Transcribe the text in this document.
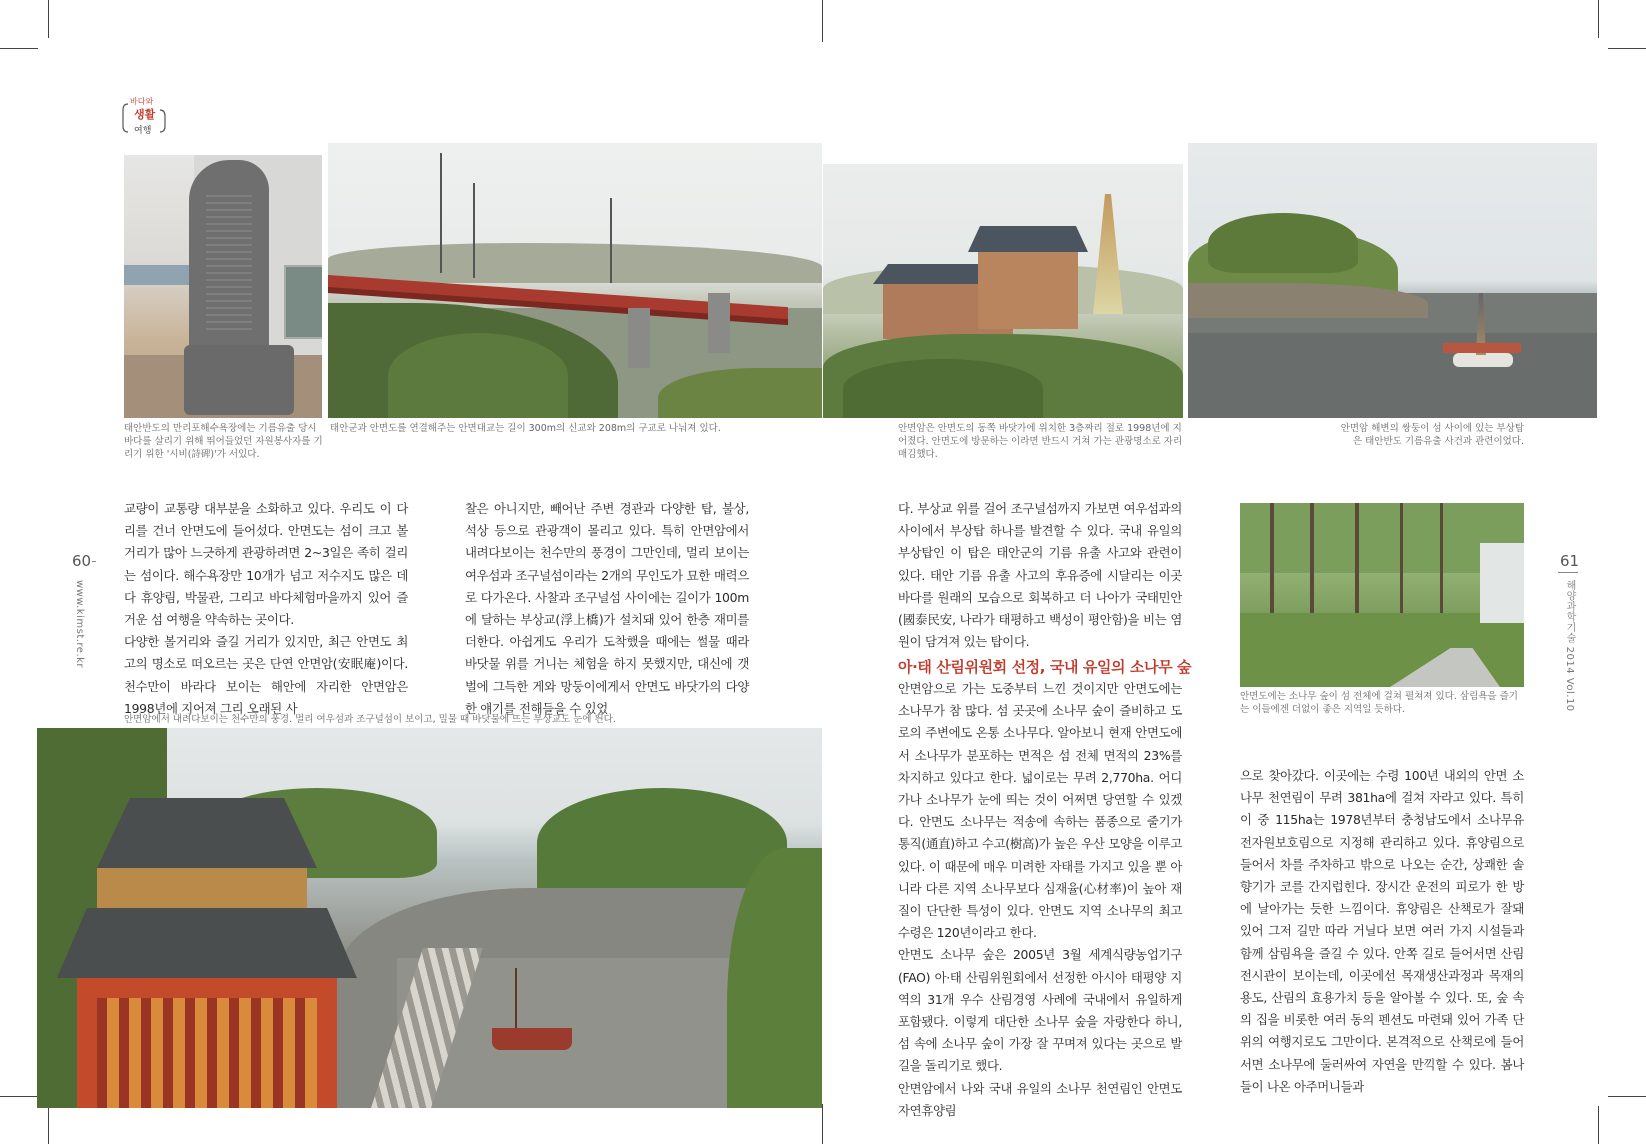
바다와
생활
여행
태안반도의 만리포해수욕장에는 기름유출 당시 바다를 살리기 위해 뛰어들었던 자원봉사자를 기리기 위한 '시비(詩碑)'가 서있다.
태안군과 안면도를 연결해주는 안면대교는 길이 300m의 신교와 208m의 구교로 나눠져 있다.	안면암은 안면도의 동쪽 바닷가에 위치한 3층짜리 절로 1998년에 지어졌다. 안면도에 방문하는 이라면 반드시 거쳐 가는 관광명소로 자리매김했다.
안면암 해변의 쌍둥이 섬 사이에 있는 부상탑은 태안반도 기름유출 사건과 관련이었다.
60
www.kimst.re.kr

교량이 교통량 대부분을 소화하고 있다. 우리도 이 다리를 건너 안면도에 들어섰다. 안면도는 섬이 크고 볼거리가 많아 느긋하게 관광하려면 2~3일은 족히 걸리는 섬이다. 해수욕장만 10개가 넘고 저수지도 많은 데다 휴양림, 박물관, 그리고 바다체험마을까지 있어 즐거운 섬 여행을 약속하는 곳이다.

다양한 볼거리와 즐길 거리가 있지만, 최근 안면도 최고의 명소로 떠오르는 곳은 단연 안면암(安眠庵)이다. 천수만이 바라다 보이는 해안에 자리한 안면암은 1998년에 지어져 그리 오래된 사

찰은 아니지만, 빼어난 주변 경관과 다양한 탑, 불상, 석상 등으로 관광객이 몰리고 있다. 특히 안면암에서 내려다보이는 천수만의 풍경이 그만인데, 멀리 보이는 여우섬과 조구널섬이라는 2개의 무인도가 묘한 매력으로 다가온다. 사찰과 조구널섬 사이에는 길이가 100m에 달하는 부상교(浮上橋)가 설치돼 있어 한층 재미를 더한다. 아쉽게도 우리가 도착했을 때에는 썰물 때라 바닷물 위를 거니는 체험을 하지 못했지만, 대신에 갯벌에 그득한 게와 망둥이에게서 안면도 바닷가의 다양한 얘기를 전해들을 수 있었

안면암에서 내려다보이는 천수만의 풍경. 멀리 여우섬과 조구널섬이 보이고, 밀물 때 바닷물에 뜨는 부상교도 눈에 띈다.
61
해양과학기술 2014 Vol.10

다. 부상교 위를 걸어 조구널섬까지 가보면 여우섬과의 사이에서 부상탑 하나를 발견할 수 있다. 국내 유일의 부상탑인 이 탑은 태안군의 기름 유출 사고와 관련이 있다. 태안 기름 유출 사고의 후유증에 시달리는 이곳 바다를 원래의 모습으로 회복하고 더 나아가 국태민안(國泰民安, 나라가 태평하고 백성이 평안함)을 비는 염원이 담겨져 있는 탑이다.

아·태 산림위원회 선정, 국내 유일의 소나무 숲

안면암으로 가는 도중부터 느낀 것이지만 안면도에는 소나무가 참 많다. 섬 곳곳에 소나무 숲이 즐비하고 도로의 주변에도 온통 소나무다. 알아보니 현재 안면도에서 소나무가 분포하는 면적은 섬 전체 면적의 23%를 차지하고 있다고 한다. 넓이로는 무려 2,770ha. 어디 가나 소나무가 눈에 띄는 것이 어쩌면 당연할 수 있겠다. 안면도 소나무는 적송에 속하는 품종으로 줄기가 통직(通直)하고 수고(樹高)가 높은 우산 모양을 이루고 있다. 이 때문에 매우 미려한 자태를 가지고 있을 뿐 아니라 다른 지역 소나무보다 심재율(心材率)이 높아 재질이 단단한 특성이 있다. 안면도 지역 소나무의 최고 수령은 120년이라고 한다.

안면도 소나무 숲은 2005년 3월 세계식량농업기구(FAO) 아·태 산림위원회에서 선정한 아시아 태평양 지역의 31개 우수 산림경영 사례에 국내에서 유일하게 포함됐다. 이렇게 대단한 소나무 숲을 자랑한다 하니, 섬 속에 소나무 숲이 가장 잘 꾸며져 있다는 곳으로 발길을 돌리기로 했다.

안면암에서 나와 국내 유일의 소나무 천연림인 안면도자연휴양림

안면도에는 소나무 숲이 섬 전체에 걸쳐 펼쳐져 있다. 삼림욕을 즐기는 이들에겐 더없이 좋은 지역일 듯하다.

으로 찾아갔다. 이곳에는 수령 100년 내외의 안면 소나무 천연림이 무려 381ha에 걸쳐 자라고 있다. 특히 이 중 115ha는 1978년부터 충청남도에서 소나무유전자원보호림으로 지정해 관리하고 있다. 휴양림으로 들어서 차를 주차하고 밖으로 나오는 순간, 상쾌한 솔향기가 코를 간지럽힌다. 장시간 운전의 피로가 한 방에 날아가는 듯한 느낌이다. 휴양림은 산책로가 잘돼 있어 그저 길만 따라 거닐다 보면 여러 가지 시설들과 함께 삼림욕을 즐길 수 있다. 안쪽 길로 들어서면 산림전시관이 보이는데, 이곳에선 목재생산과정과 목재의 용도, 산림의 효용가치 등을 알아볼 수 있다. 또, 숲 속의 집을 비롯한 여러 동의 펜션도 마련돼 있어 가족 단위의 여행지로도 그만이다. 본격적으로 산책로에 들어서면 소나무에 둘러싸여 자연을 만끽할 수 있다. 봄나들이 나온 아주머니들과
